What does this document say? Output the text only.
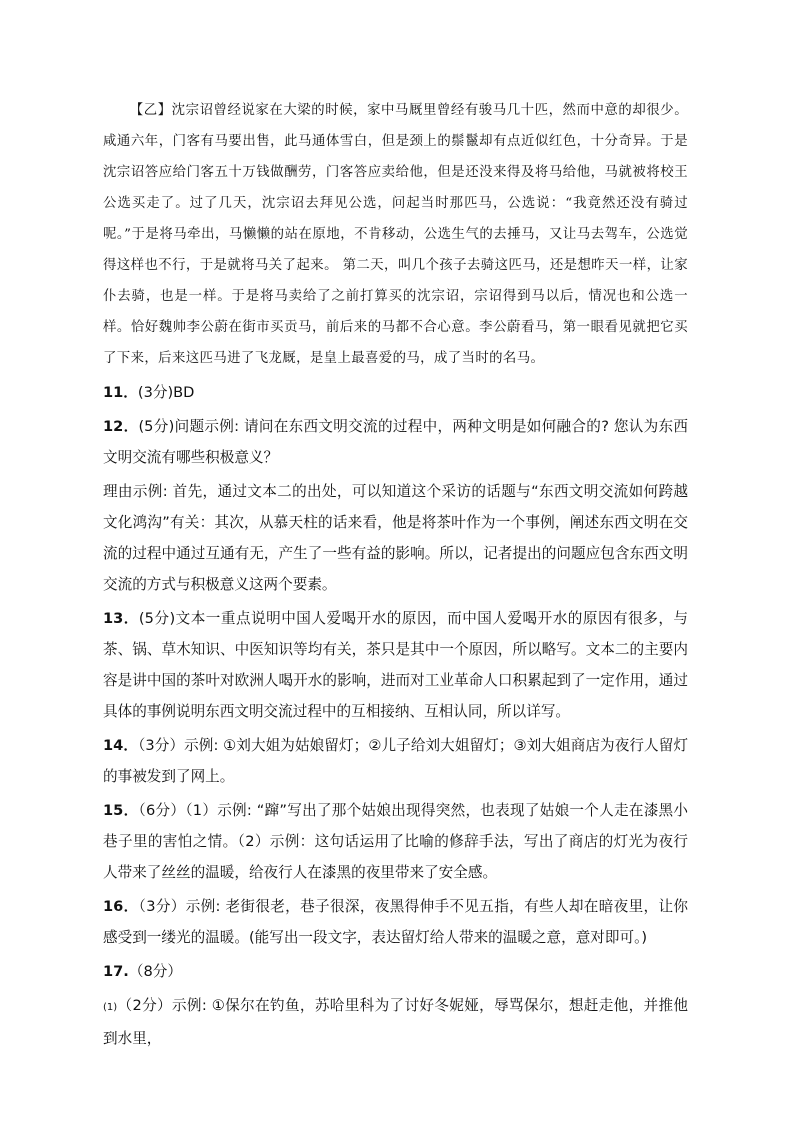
【乙】沈宗诏曾经说家在大梁的时候，家中马厩里曾经有骏马几十匹，然而中意的却很少。咸通六年，门客有马要出售，此马通体雪白，但是颈上的鬃鬣却有点近似红色，十分奇异。于是沈宗诏答应给门客五十万钱做酬劳，门客答应卖给他，但是还没来得及将马给他，马就被将校王公选买走了。过了几天，沈宗诏去拜见公选，问起当时那匹马，公选说：“我竟然还没有骑过呢。”于是将马牵出，马懒懒的站在原地，不肯移动，公选生气的去捶马，又让马去驾车，公选觉得这样也不行，于是就将马关了起来。 第二天，叫几个孩子去骑这匹马，还是想昨天一样，让家仆去骑，也是一样。于是将马卖给了之前打算买的沈宗诏，宗诏得到马以后，情况也和公选一样。恰好魏帅李公蔚在街市买贡马，前后来的马都不合心意。李公蔚看马，第一眼看见就把它买了下来，后来这匹马进了飞龙厩，是皇上最喜爱的马，成了当时的名马。

11．(3分)BD

12．(5分)问题示例: 请问在东西文明交流的过程中，两种文明是如何融合的? 您认为东西文明交流有哪些积极意义？

理由示例: 首先，通过文本二的出处，可以知道这个采访的话题与“东西文明交流如何跨越文化鸿沟”有关：其次，从慕天柱的话来看，他是将茶叶作为一个事例，阐述东西文明在交流的过程中通过互通有无，产生了一些有益的影响。所以，记者提出的问题应包含东西文明交流的方式与积极意义这两个要素。

13．(5分)文本一重点说明中国人爱喝开水的原因，而中国人爱喝开水的原因有很多，与茶、锅、草木知识、中医知识等均有关，茶只是其中一个原因，所以略写。文本二的主要内容是讲中国的茶叶对欧洲人喝开水的影响，进而对工业革命人口积累起到了一定作用，通过具体的事例说明东西文明交流过程中的互相接纳、互相认同，所以详写。

14．（3分）示例: ①刘大姐为姑娘留灯；②儿子给刘大姐留灯；③刘大姐商店为夜行人留灯的事被发到了网上。

15．（6分）（1）示例: “蹿”写出了那个姑娘出现得突然，也表现了姑娘一个人走在漆黑小巷子里的害怕之情。（2）示例：这句话运用了比喻的修辞手法，写出了商店的灯光为夜行人带来了丝丝的温暖，给夜行人在漆黑的夜里带来了安全感。

16．（3分）示例: 老街很老，巷子很深，夜黑得伸手不见五指，有些人却在暗夜里，让你感受到一缕光的温暖。(能写出一段文字，表达留灯给人带来的温暖之意，意对即可。)

17.（8分）

(1)（2分）示例: ①保尔在钓鱼，苏哈里科为了讨好冬妮娅，辱骂保尔，想赶走他，并推他到水里，
